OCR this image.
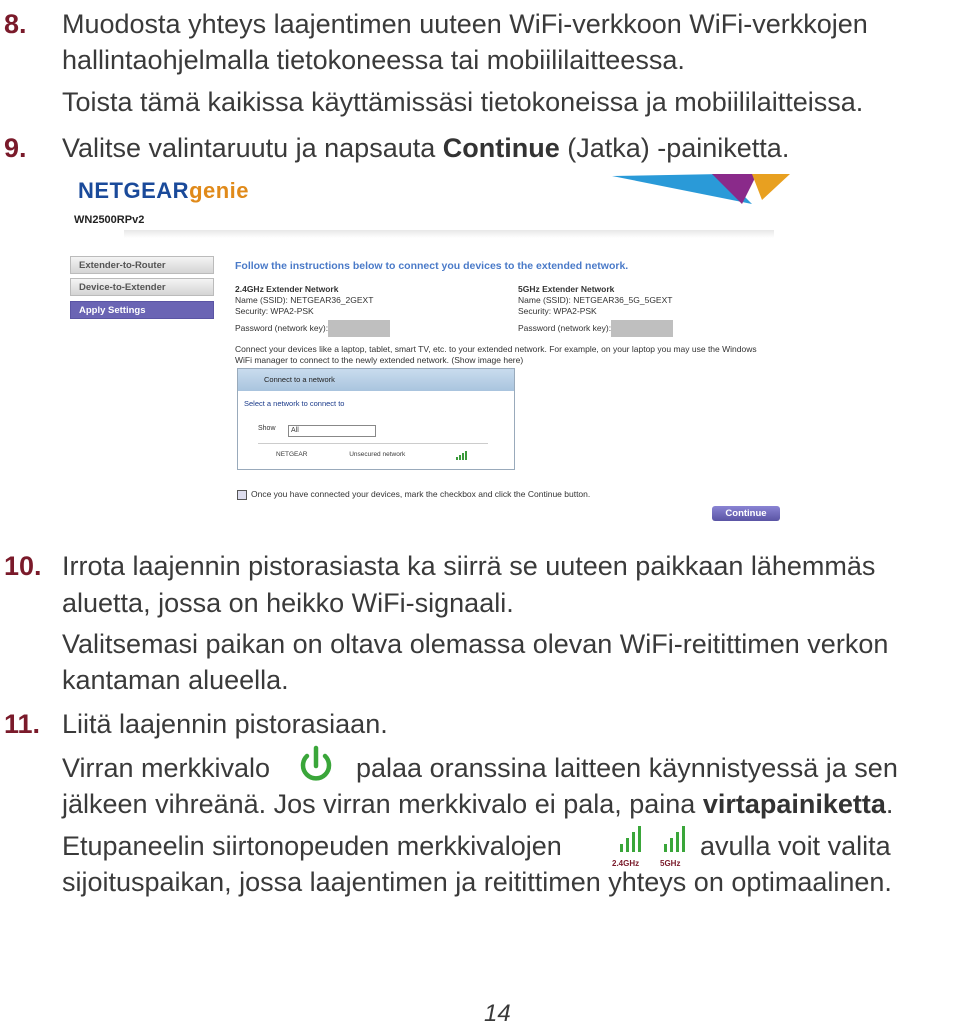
8. Muodosta yhteys laajentimen uuteen WiFi-verkkoon WiFi-verkkojen
hallintaohjelmalla tietokoneessa tai mobiililaitteessa.
Toista tämä kaikissa käyttämissäsi tietokoneissa ja mobiililaitteissa.
9. Valitse valintaruutu ja napsauta Continue (Jatka) -painiketta.
NETGEARgenie
WN2500RPv2
Extender-to-Router
Device-to-Extender
Apply Settings
Follow the instructions below to connect you devices to the extended network.
2.4GHz Extender Network
Name (SSID): NETGEAR36_2GEXT
Security: WPA2-PSK
Password (network key):
5GHz Extender Network
Name (SSID): NETGEAR36_5G_5GEXT
Security: WPA2-PSK
Password (network key):
Connect your devices like a laptop, tablet, smart TV, etc. to your extended network. For example, on your laptop you may use the Windows WiFi manager to connect to the newly extended network. (Show image here)
Connect to a network
Select a network to connect to
Show	All
NETGEAR	Unsecured network
Once you have connected your devices, mark the checkbox and click the Continue button.
Continue
10. Irrota laajennin pistorasiasta ka siirrä se uuteen paikkaan lähemmäs
aluetta, jossa on heikko WiFi-signaali.
Valitsemasi paikan on oltava olemassa olevan WiFi-reitittimen verkon
kantaman alueella.
11. Liitä laajennin pistorasiaan.
Virran merkkivalo	palaa oranssina laitteen käynnistyessä ja sen
jälkeen vihreänä. Jos virran merkkivalo ei pala, paina virtapainiketta.
Etupaneelin siirtonopeuden merkkivalojen
2.4GHz	5GHz
avulla voit valita
sijoituspaikan, jossa laajentimen ja reitittimen yhteys on optimaalinen.
14
